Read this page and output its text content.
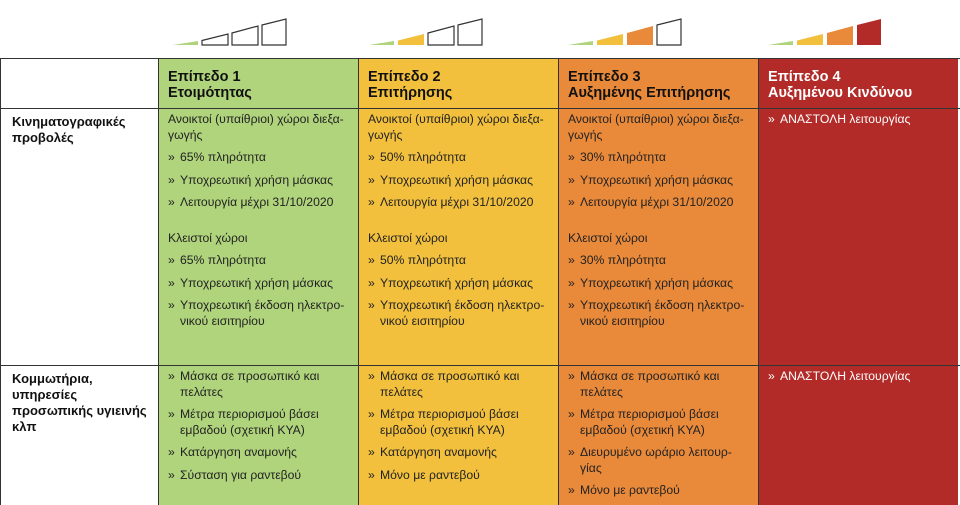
Επίπεδο 1
Ετοιμότητας
Επίπεδο 2
Επιτήρησης
Επίπεδο 3
Αυξημένης Επιτήρησης
Επίπεδο 4
Αυξημένου Κινδύνου
Κινηματογραφικές προβολές
Ανοικτοί (υπαίθριοι) χώροι διεξα-γωγής
» 65% πληρότητα
» Υποχρεωτική χρήση μάσκας
» Λειτουργία μέχρι 31/10/2020
Κλειστοί χώροι
» 65% πληρότητα
» Υποχρεωτική χρήση μάσκας
» Υποχρεωτική έκδοση ηλεκτρο-νικού εισιτηρίου
Ανοικτοί (υπαίθριοι) χώροι διεξα-γωγής
» 50% πληρότητα
» Υποχρεωτική χρήση μάσκας
» Λειτουργία μέχρι 31/10/2020
Κλειστοί χώροι
» 50% πληρότητα
» Υποχρεωτική χρήση μάσκας
» Υποχρεωτική έκδοση ηλεκτρο-νικού εισιτηρίου
Ανοικτοί (υπαίθριοι) χώροι διεξα-γωγής
» 30% πληρότητα
» Υποχρεωτική χρήση μάσκας
» Λειτουργία μέχρι 31/10/2020
Κλειστοί χώροι
» 30% πληρότητα
» Υποχρεωτική χρήση μάσκας
» Υποχρεωτική έκδοση ηλεκτρο-νικού εισιτηρίου
» ΑΝΑΣΤΟΛΗ λειτουργίας
Κομμωτήρια, υπηρεσίες προσωπικής υγιεινής κλπ
» Μάσκα σε προσωπικό και πελάτες
» Μέτρα περιορισμού βάσει εμβαδού (σχετική ΚΥΑ)
» Κατάργηση αναμονής
» Σύσταση για ραντεβού
» Μάσκα σε προσωπικό και πελάτες
» Μέτρα περιορισμού βάσει εμβαδού (σχετική ΚΥΑ)
» Κατάργηση αναμονής
» Μόνο με ραντεβού
» Μάσκα σε προσωπικό και πελάτες
» Μέτρα περιορισμού βάσει εμβαδού (σχετική ΚΥΑ)
» Διευρυμένο ωράριο λειτουρ-γίας
» Μόνο με ραντεβού
» ΑΝΑΣΤΟΛΗ λειτουργίας
